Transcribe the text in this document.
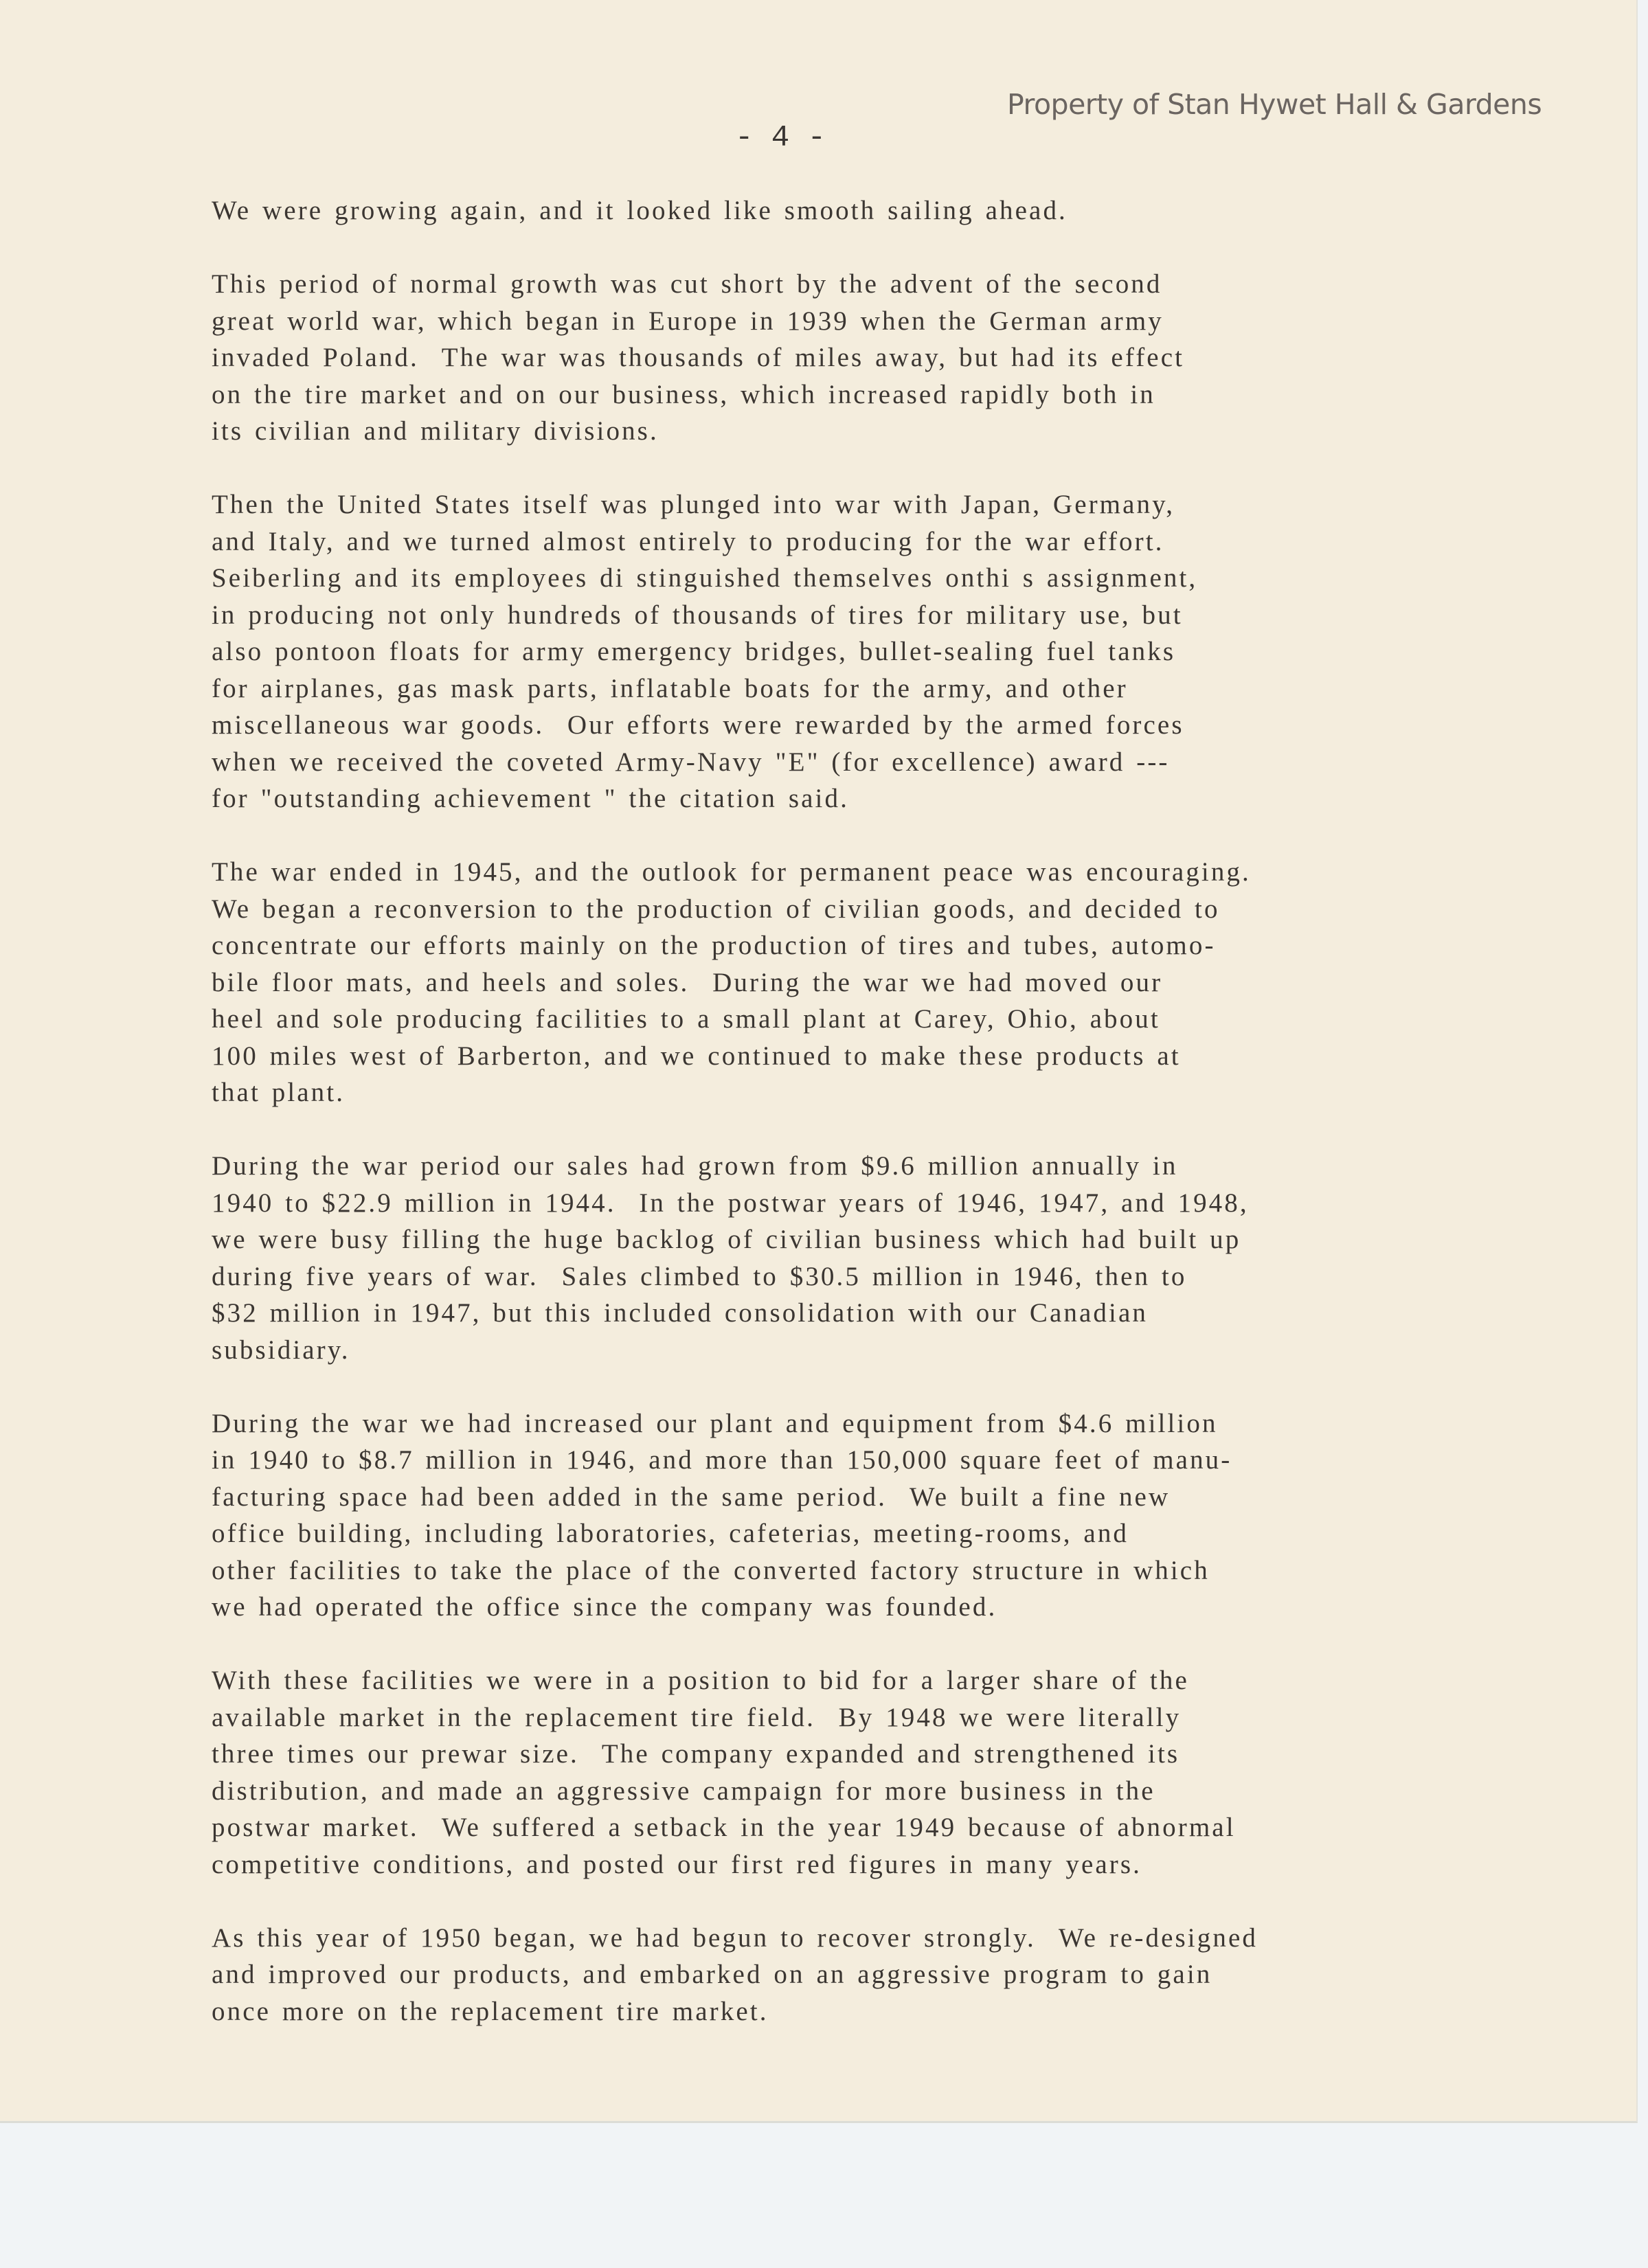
Property of Stan Hywet Hall & Gardens
- 4 -
We were growing again, and it looked like smooth sailing ahead.
This period of normal growth was cut short by the advent of the second
great world war, which began in Europe in 1939 when the German army
invaded Poland.  The war was thousands of miles away, but had its effect
on the tire market and on our business, which increased rapidly both in
its civilian and military divisions.
Then the United States itself was plunged into war with Japan, Germany,
and Italy, and we turned almost entirely to producing for the war effort.
Seiberling and its employees di stinguished themselves onthi s assignment,
in producing not only hundreds of thousands of tires for military use, but
also pontoon floats for army emergency bridges, bullet-sealing fuel tanks
for airplanes, gas mask parts, inflatable boats for the army, and other
miscellaneous war goods.  Our efforts were rewarded by the armed forces
when we received the coveted Army-Navy "E" (for excellence) award ---
for "outstanding achievement " the citation said.
The war ended in 1945, and the outlook for permanent peace was encouraging.
We began a reconversion to the production of civilian goods, and decided to
concentrate our efforts mainly on the production of tires and tubes, automo-
bile floor mats, and heels and soles.  During the war we had moved our
heel and sole producing facilities to a small plant at Carey, Ohio, about
100 miles west of Barberton, and we continued to make these products at
that plant.
During the war period our sales had grown from $9.6 million annually in
1940 to $22.9 million in 1944.  In the postwar years of 1946, 1947, and 1948,
we were busy filling the huge backlog of civilian business which had built up
during five years of war.  Sales climbed to $30.5 million in 1946, then to
$32 million in 1947, but this included consolidation with our Canadian
subsidiary.
During the war we had increased our plant and equipment from $4.6 million
in 1940 to $8.7 million in 1946, and more than 150,000 square feet of manu-
facturing space had been added in the same period.  We built a fine new
office building, including laboratories, cafeterias, meeting-rooms, and
other facilities to take the place of the converted factory structure in which
we had operated the office since the company was founded.
With these facilities we were in a position to bid for a larger share of the
available market in the replacement tire field.  By 1948 we were literally
three times our prewar size.  The company expanded and strengthened its
distribution, and made an aggressive campaign for more business in the
postwar market.  We suffered a setback in the year 1949 because of abnormal
competitive conditions, and posted our first red figures in many years.
As this year of 1950 began, we had begun to recover strongly.  We re-designed
and improved our products, and embarked on an aggressive program to gain
once more on the replacement tire market.
